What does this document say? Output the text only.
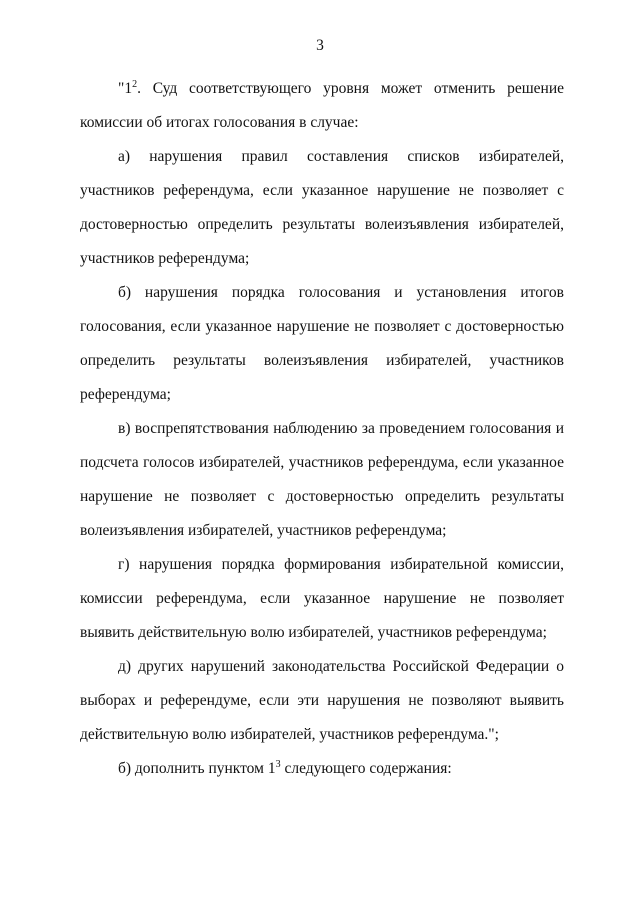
3

"$1^2$. Суд соответствующего уровня может отменить решение комиссии об итогах голосования в случае:

а) нарушения правил составления списков избирателей, участников референдума, если указанное нарушение не позволяет с достоверностью определить результаты волеизъявления избирателей, участников референдума;

б) нарушения порядка голосования и установления итогов голосования, если указанное нарушение не позволяет с достоверностью определить результаты волеизъявления избирателей, участников референдума;

в) воспрепятствования наблюдению за проведением голосования и подсчета голосов избирателей, участников референдума, если указанное нарушение не позволяет с достоверностью определить результаты волеизъявления избирателей, участников референдума;

г) нарушения порядка формирования избирательной комиссии, комиссии референдума, если указанное нарушение не позволяет выявить действительную волю избирателей, участников референдума;

д) других нарушений законодательства Российской Федерации о выборах и референдуме, если эти нарушения не позволяют выявить действительную волю избирателей, участников референдума.";

б) дополнить пунктом $1^3$ следующего содержания:
